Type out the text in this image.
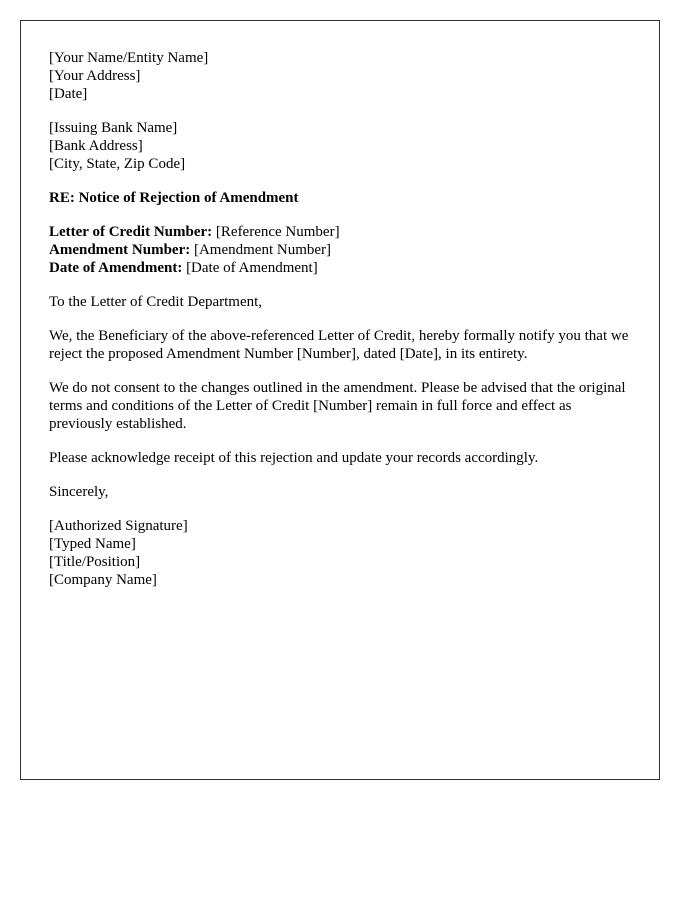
[Your Name/Entity Name]
[Your Address]
[Date]
[Issuing Bank Name]
[Bank Address]
[City, State, Zip Code]
RE: Notice of Rejection of Amendment
Letter of Credit Number: [Reference Number]
Amendment Number: [Amendment Number]
Date of Amendment: [Date of Amendment]

To the Letter of Credit Department,

We, the Beneficiary of the above-referenced Letter of Credit, hereby formally notify you that we reject the proposed Amendment Number [Number], dated [Date], in its entirety.

We do not consent to the changes outlined in the amendment. Please be advised that the original terms and conditions of the Letter of Credit [Number] remain in full force and effect as previously established.

Please acknowledge receipt of this rejection and update your records accordingly.

Sincerely,

[Authorized Signature]
[Typed Name]
[Title/Position]
[Company Name]
